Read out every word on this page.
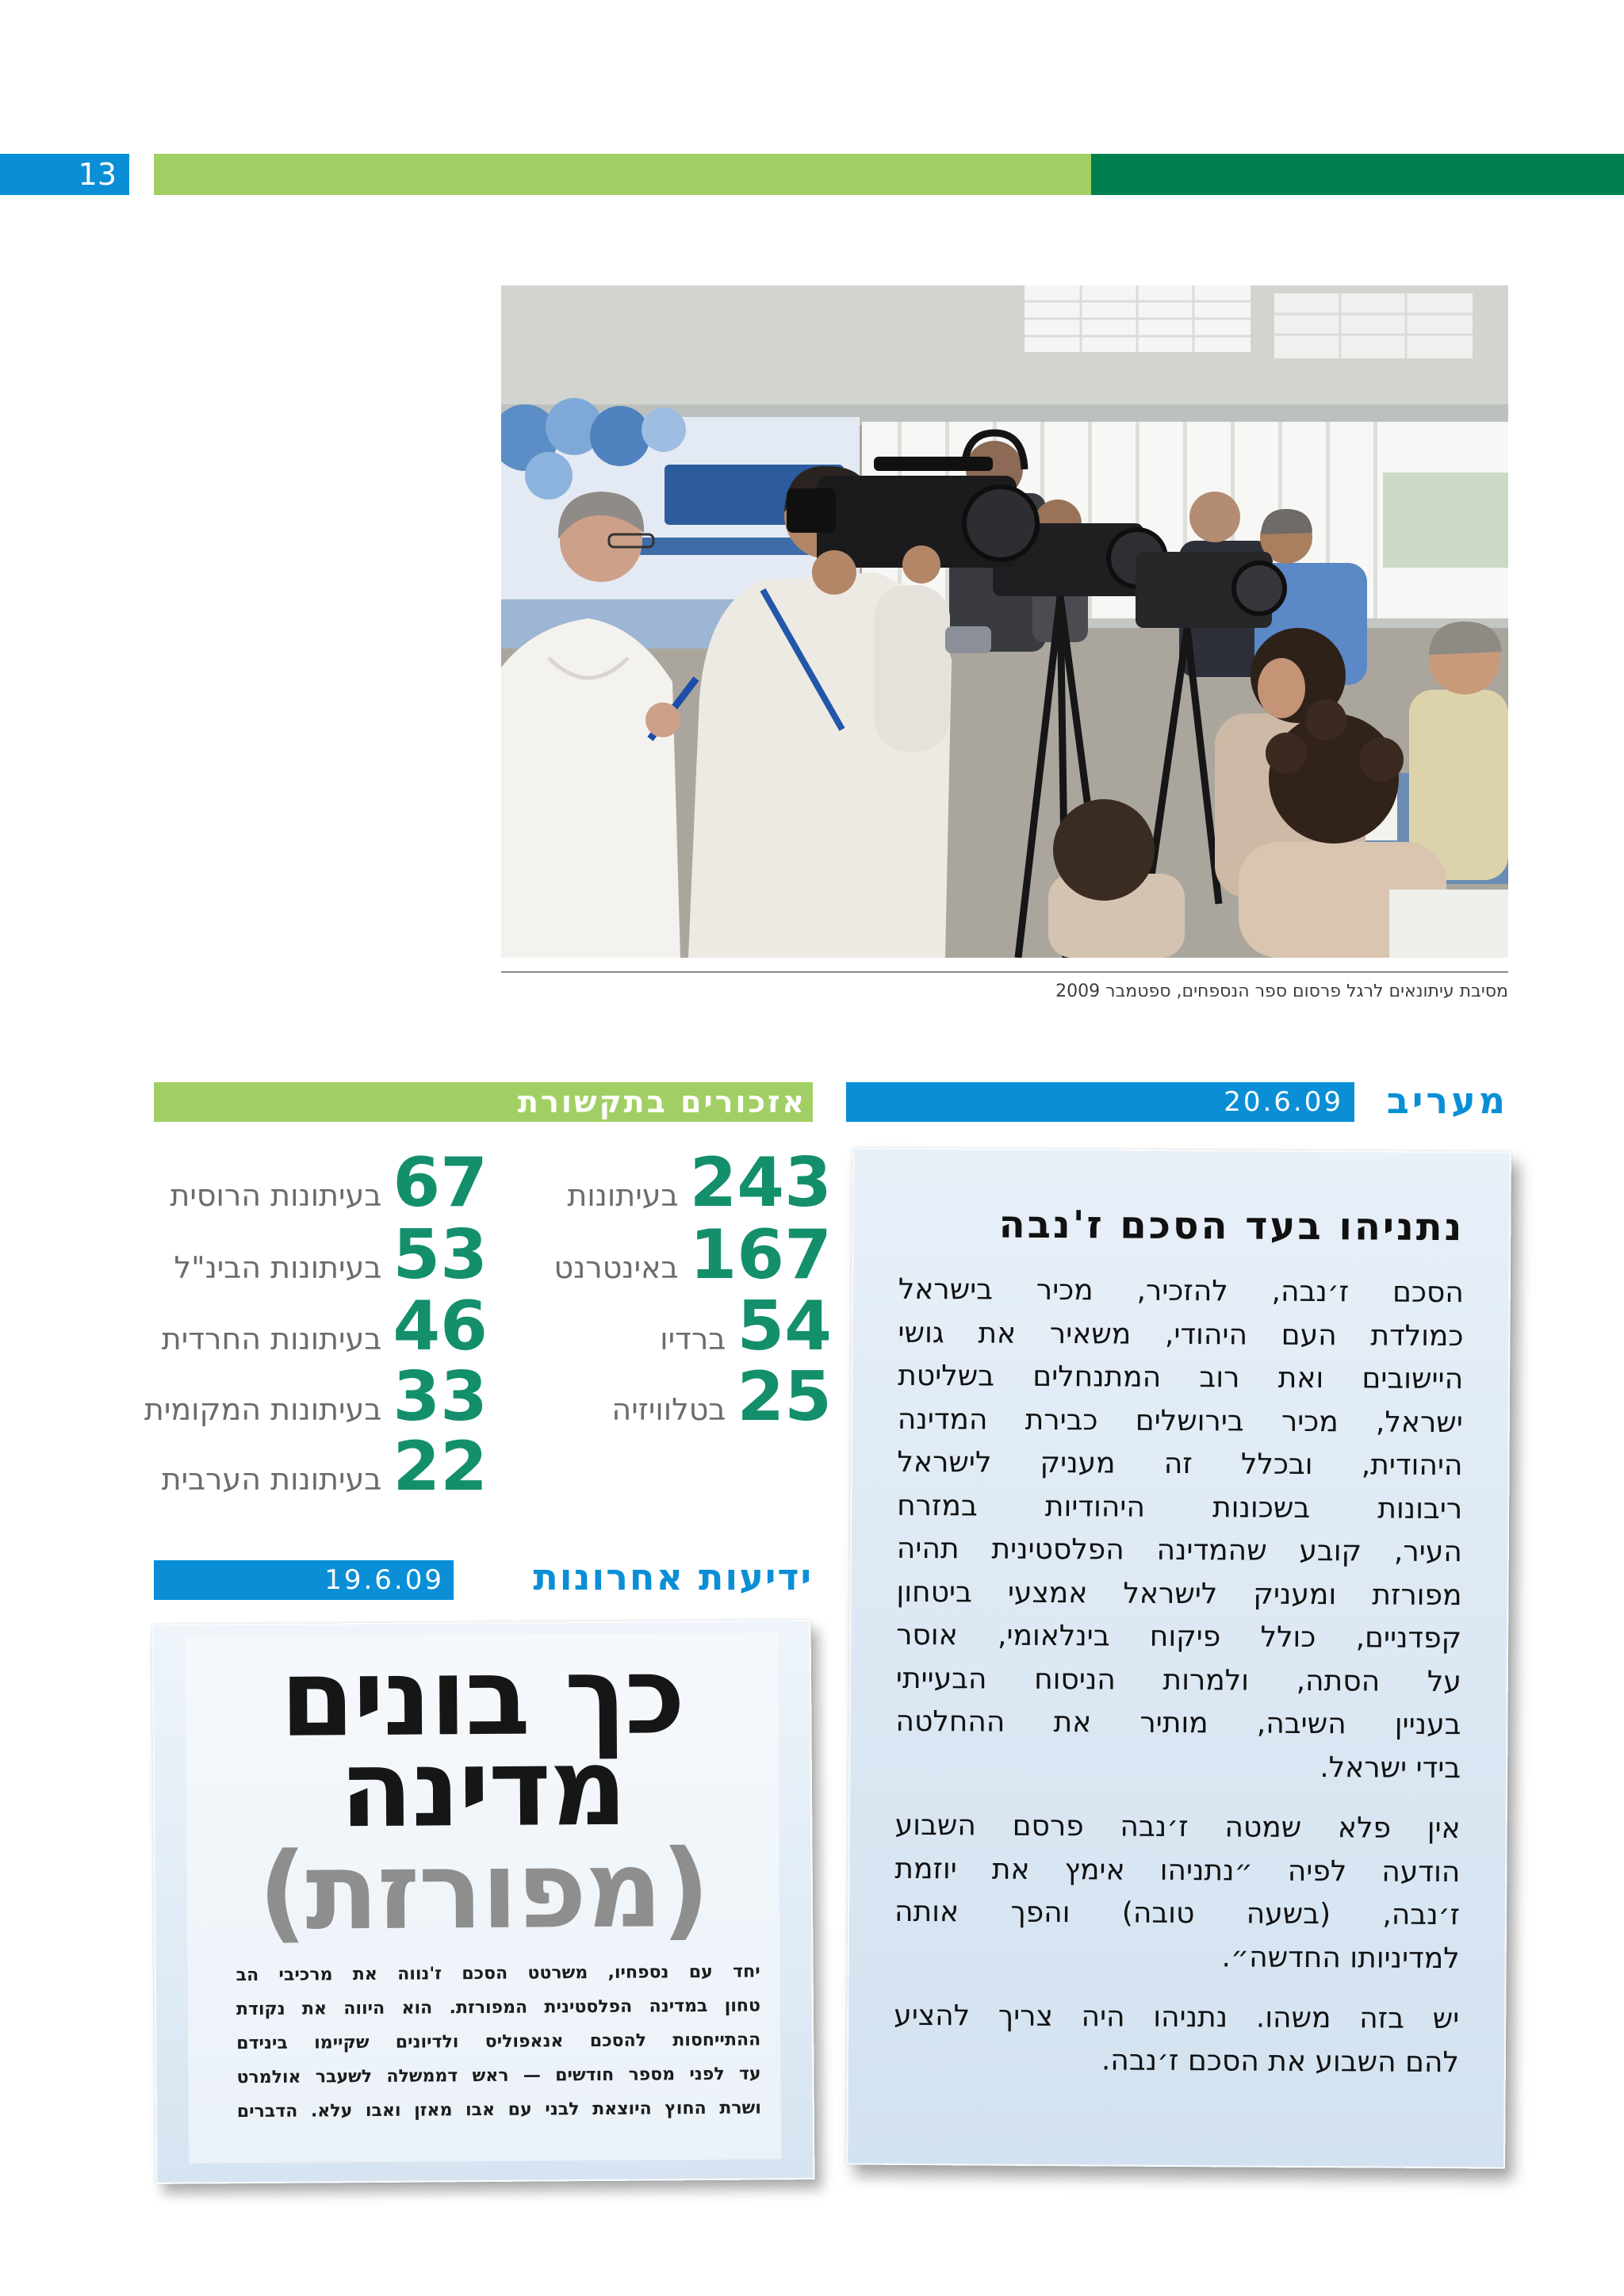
13
מסיבת עיתונאים לרגל פרסום ספר הנספחים, ספטמבר 2009
מעריב
20.6.09
נתניהו בעד הסכם ז'נבה
הסכם ז׳נבה, להזכיר, מכיר בישראל
כמולדת העם היהודי, משאיר את גושי
היישובים ואת רוב המתנחלים בשליטת
ישראל, מכיר בירושלים כבירת המדינה
היהודית, ובכלל זה מעניק לישראל
ריבונות בשכונות היהודיות במזרח
העיר, קובע שהמדינה הפלסטינית תהיה
מפורזת ומעניק לישראל אמצעי ביטחון
קפדניים, כולל פיקוח בינלאומי, אוסר
על הסתה, ולמרות הניסוח הבעייתי
בעניין השיבה, מותיר את ההחלטה
בידי ישראל.
אין פלא שמטה ז׳נבה פרסם השבוע
הודעה לפיה ״נתניהו אימץ את יוזמת
ז׳נבה, (בשעה טובה) והפך אותה
למדיניותו החדשה״.
יש בזה משהו. נתניהו היה צריך להציע
להם השבוע את הסכם ז׳נבה.
אזכורים בתקשורת
243
בעיתונות
167
באינטרנט
54
ברדיו
25
בטלוויזיה
67
בעיתונות הרוסית
53
בעיתונות הבינ"ל
46
בעיתונות החרדית
33
בעיתונות המקומית
22
בעיתונות הערבית
ידיעות אחרונות
19.6.09
כך בונים
מדינה
(מפורזת)
יחד עם נספחיו, משרטט הסכם ז'נווה את מרכיבי הב
טחון במדינה הפלסטינית המפורזת. הוא היווה את נקודת
ההתייחסות להסכם אנאפוליס ולדיונים שקיימו בינידם
עד לפני מספר חודשים — ראש דממשלה לשעבר אולמרט
ושרת החוץ היוצאת לבני עם אבו מאזן ואבו עלא. הדברים
